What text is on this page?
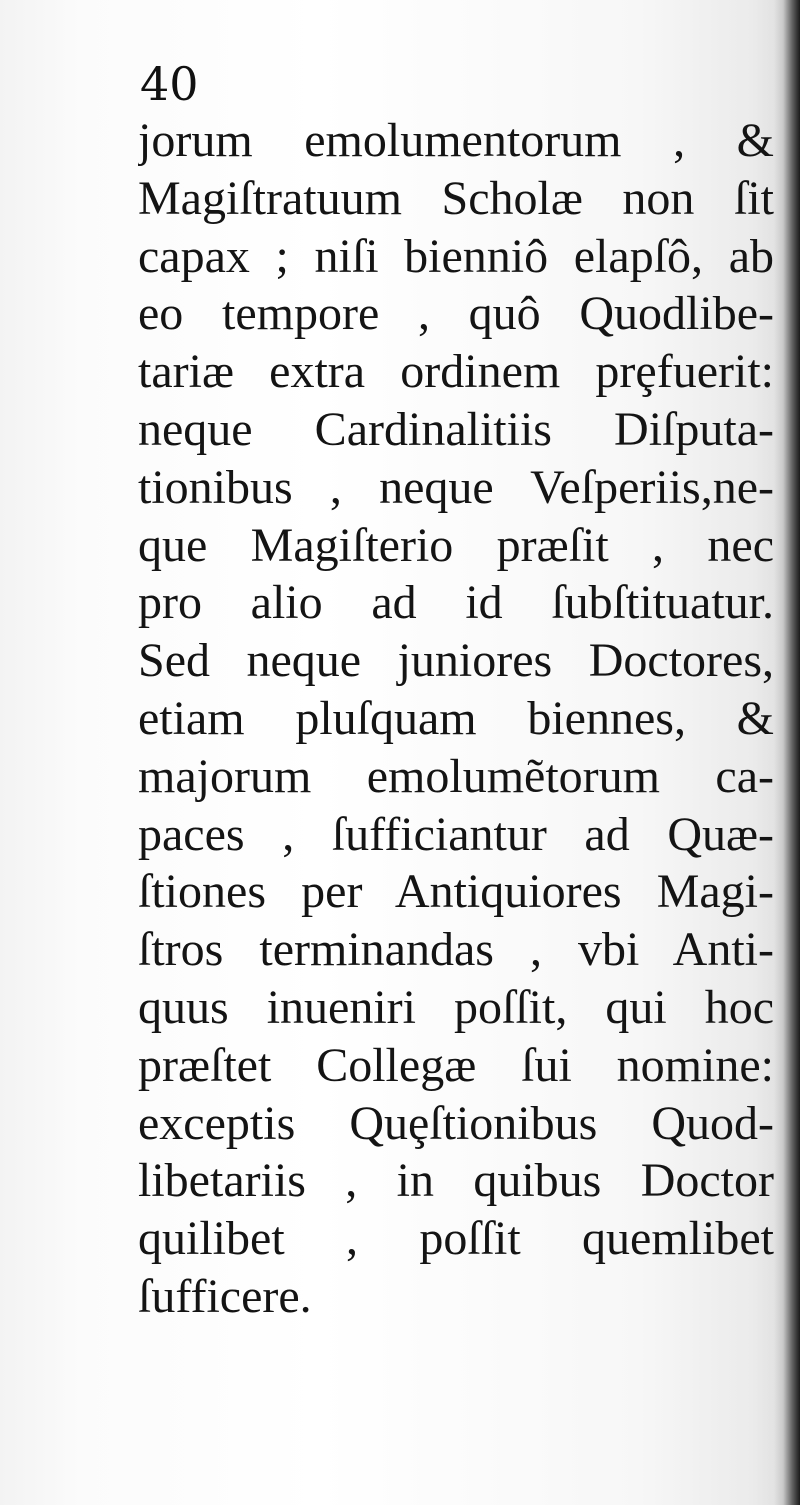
40
jorum emolumentorum , &
Magiſtratuum Scholæ non ſit
capax ; niſi bienniô elapſô, ab
eo tempore , quô Quodlibe-
tariæ extra ordinem prȩfuerit:
neque Cardinalitiis Diſputa-
tionibus , neque Veſperiis,ne-
que Magiſterio præſit , nec
pro alio ad id ſubſtituatur.
Sed neque juniores Doctores,
etiam pluſquam biennes, &
majorum emolumẽtorum ca-
paces , ſufficiantur ad Quæ-
ſtiones per Antiquiores Magi-
ſtros terminandas , vbi Anti-
quus inueniri poſſit, qui hoc
præſtet Collegæ ſui nomine:
exceptis Quȩſtionibus Quod-
libetariis , in quibus Doctor
quilibet , poſſit quemlibet
ſufficere.
